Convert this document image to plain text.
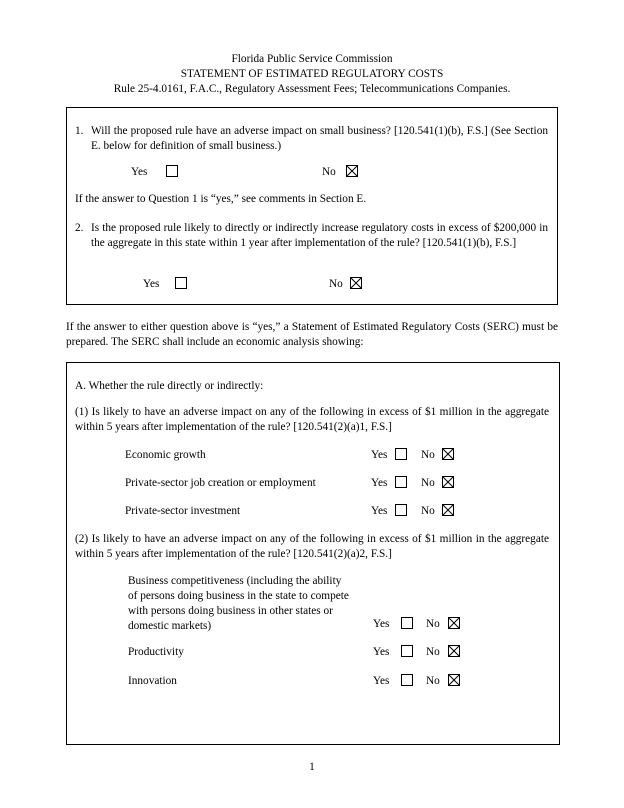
Florida Public Service Commission
STATEMENT OF ESTIMATED REGULATORY COSTS
Rule 25-4.0161, F.A.C., Regulatory Assessment Fees; Telecommunications Companies.
1. Will the proposed rule have an adverse impact on small business? [120.541(1)(b), F.S.] (See Section E. below for definition of small business.)
Yes	No
If the answer to Question 1 is “yes,” see comments in Section E.
2. Is the proposed rule likely to directly or indirectly increase regulatory costs in excess of $200,000 in the aggregate in this state within 1 year after implementation of the rule? [120.541(1)(b), F.S.]
Yes	No
If the answer to either question above is “yes,” a Statement of Estimated Regulatory Costs (SERC) must be prepared. The SERC shall include an economic analysis showing:
A. Whether the rule directly or indirectly:
(1) Is likely to have an adverse impact on any of the following in excess of $1 million in the aggregate within 5 years after implementation of the rule? [120.541(2)(a)1, F.S.]
Economic growth	Yes	No
Private-sector job creation or employment	Yes	No
Private-sector investment	Yes	No
(2) Is likely to have an adverse impact on any of the following in excess of $1 million in the aggregate within 5 years after implementation of the rule? [120.541(2)(a)2, F.S.]
Business competitiveness (including the ability
of persons doing business in the state to compete
with persons doing business in other states or
domestic markets)	Yes	No
Productivity	Yes	No
Innovation	Yes	No
1
